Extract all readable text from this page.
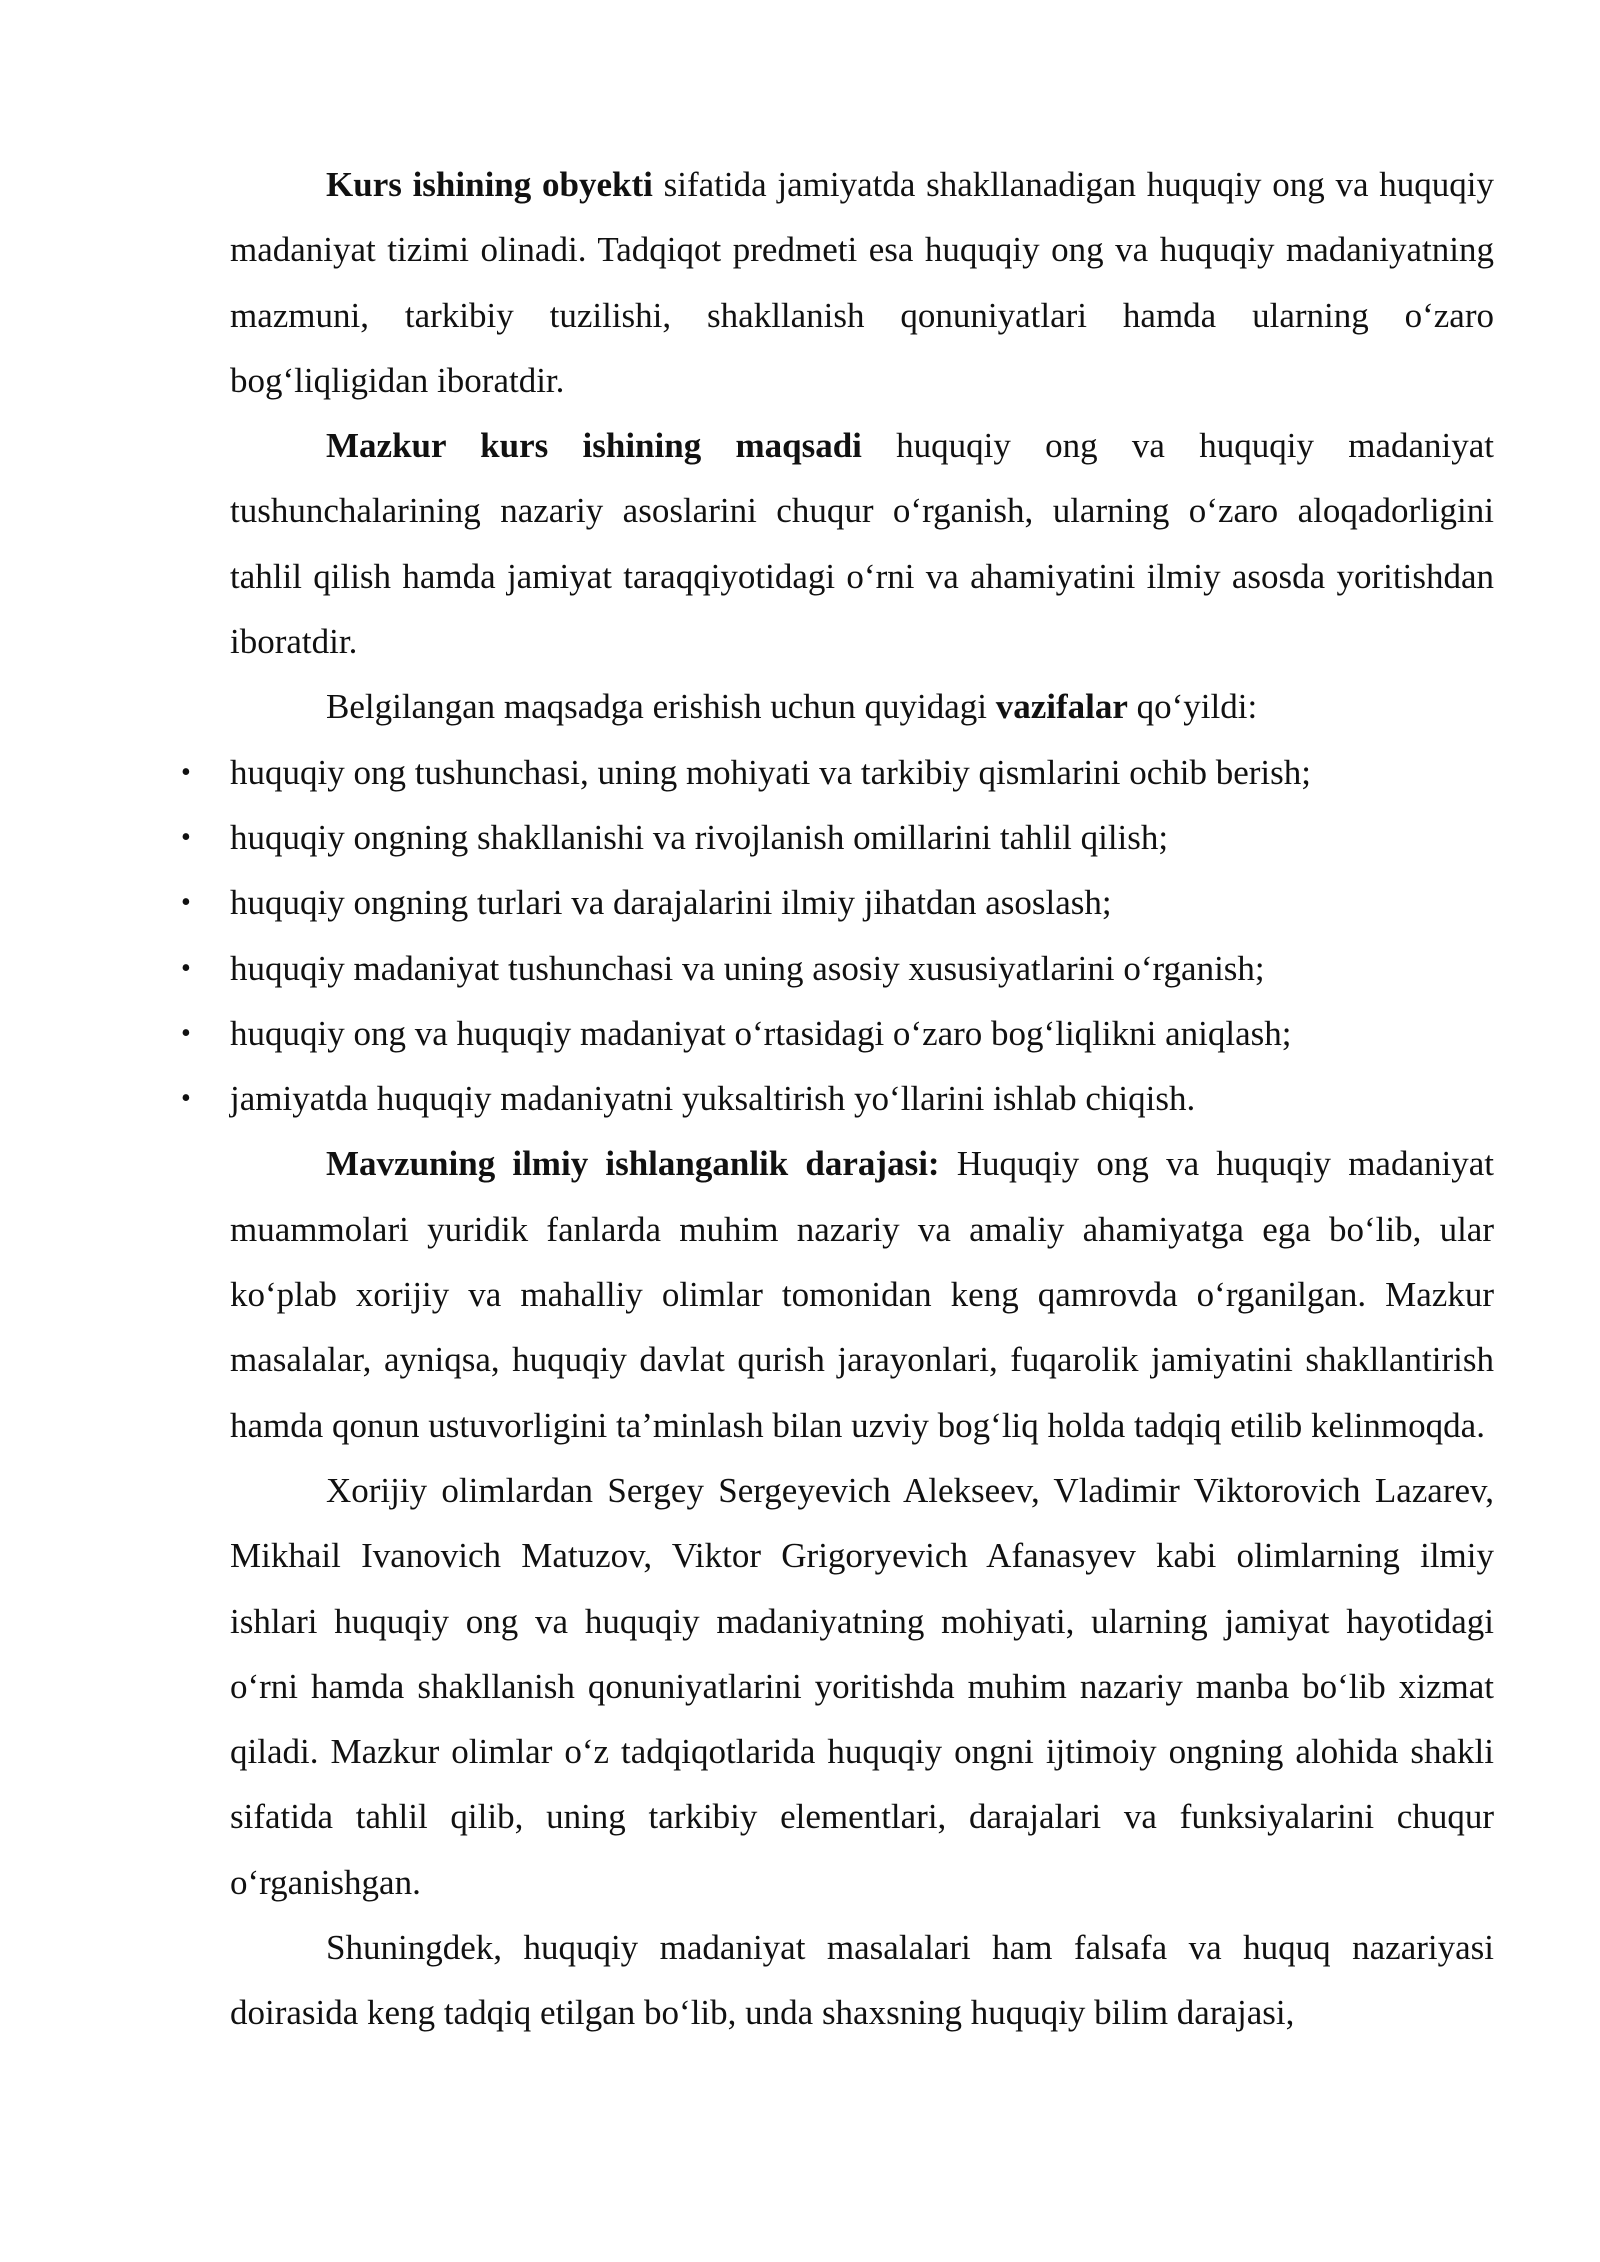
Kurs ishining obyekti sifatida jamiyatda shakllanadigan huquqiy ong va huquqiy madaniyat tizimi olinadi. Tadqiqot predmeti esa huquqiy ong va huquqiy madaniyatning mazmuni, tarkibiy tuzilishi, shakllanish qonuniyatlari hamda ularning o‘zaro bog‘liqligidan iboratdir.

Mazkur kurs ishining maqsadi huquqiy ong va huquqiy madaniyat tushunchalarining nazariy asoslarini chuqur o‘rganish, ularning o‘zaro aloqadorligini tahlil qilish hamda jamiyat taraqqiyotidagi o‘rni va ahamiyatini ilmiy asosda yoritishdan iboratdir.

Belgilangan maqsadga erishish uchun quyidagi vazifalar qo‘yildi:

• huquqiy ong tushunchasi, uning mohiyati va tarkibiy qismlarini ochib berish;
• huquqiy ongning shakllanishi va rivojlanish omillarini tahlil qilish;
• huquqiy ongning turlari va darajalarini ilmiy jihatdan asoslash;
• huquqiy madaniyat tushunchasi va uning asosiy xususiyatlarini o‘rganish;
• huquqiy ong va huquqiy madaniyat o‘rtasidagi o‘zaro bog‘liqlikni aniqlash;
• jamiyatda huquqiy madaniyatni yuksaltirish yo‘llarini ishlab chiqish.

Mavzuning ilmiy ishlanganlik darajasi: Huquqiy ong va huquqiy madaniyat muammolari yuridik fanlarda muhim nazariy va amaliy ahamiyatga ega bo‘lib, ular ko‘plab xorijiy va mahalliy olimlar tomonidan keng qamrovda o‘rganilgan. Mazkur masalalar, ayniqsa, huquqiy davlat qurish jarayonlari, fuqarolik jamiyatini shakllantirish hamda qonun ustuvorligini ta’minlash bilan uzviy bog‘liq holda tadqiq etilib kelinmoqda.

Xorijiy olimlardan Sergey Sergeyevich Alekseev, Vladimir Viktorovich Lazarev, Mikhail Ivanovich Matuzov, Viktor Grigoryevich Afanasyev kabi olimlarning ilmiy ishlari huquqiy ong va huquqiy madaniyatning mohiyati, ularning jamiyat hayotidagi o‘rni hamda shakllanish qonuniyatlarini yoritishda muhim nazariy manba bo‘lib xizmat qiladi. Mazkur olimlar o‘z tadqiqotlarida huquqiy ongni ijtimoiy ongning alohida shakli sifatida tahlil qilib, uning tarkibiy elementlari, darajalari va funksiyalarini chuqur o‘rganishgan.

Shuningdek, huquqiy madaniyat masalalari ham falsafa va huquq nazariyasi doirasida keng tadqiq etilgan bo‘lib, unda shaxsning huquqiy bilim darajasi,
